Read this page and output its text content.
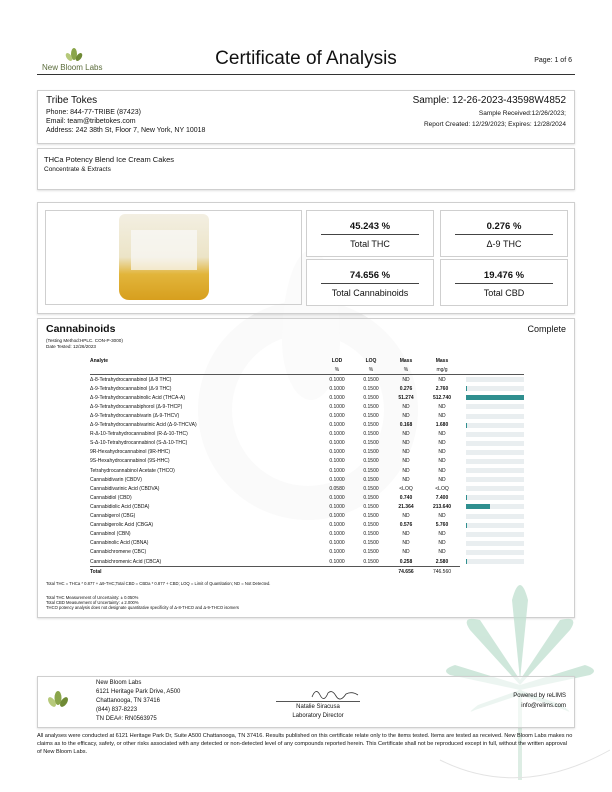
New Bloom Labs	Certificate of Analysis	Page: 1 of 6
Tribe Tokes
Phone: 844-77-TRIBE (87423)
Email: team@tribetokes.com
Address: 242 38th St, Floor 7, New York, NY 10018
Sample: 12-26-2023-43598W4852
Sample Received:12/26/2023;
Report Created: 12/29/2023; Expires: 12/28/2024
THCa Potency Blend Ice Cream Cakes
Concentrate & Extracts
45.243 %
Total THC
0.276 %
Δ-9 THC
74.656 %
Total Cannabinoids
19.476 %
Total CBD
Cannabinoids	Complete
(Testing Method:HPLC. CON-P-3000)
Date Tested: 12/26/2023
Analyte	LOD	LOQ	Mass	Mass	
	%	%	%	mg/g	
Δ-8-Tetrahydrocannabinol (Δ-8 THC)	0.1000	0.1500	ND	ND	

Δ-9-Tetrahydrocannabinol (Δ-9 THC)	0.1000	0.1500	0.276	2.760	

Δ-9-Tetrahydrocannabinolic Acid (THCA-A)	0.1000	0.1500	51.274	512.740	

Δ-9-Tetrahydrocannabiphorol (Δ-9-THCP)	0.1000	0.1500	ND	ND	

Δ-9-Tetrahydrocannabivarin (Δ-9-THCV)	0.1000	0.1500	ND	ND	

Δ-9-Tetrahydrocannabivarinic Acid (Δ-9-THCVA)	0.1000	0.1500	0.168	1.680	

R-Δ-10-Tetrahydrocannabinol (R-Δ-10-THC)	0.1000	0.1500	ND	ND	

S-Δ-10-Tetrahydrocannabinol (S-Δ-10-THC)	0.1000	0.1500	ND	ND	

9R-Hexahydrocannabinol (9R-HHC)	0.1000	0.1500	ND	ND	

9S-Hexahydrocannabinol (9S-HHC)	0.1000	0.1500	ND	ND	

Tetrahydrocannabinol Acetate (THCO)	0.1000	0.1500	ND	ND	

Cannabidivarin (CBDV)	0.1000	0.1500	ND	ND	

Cannabidivarinic Acid (CBDVA)	0.0580	0.1500	<LOQ	<LOQ	

Cannabidiol (CBD)	0.1000	0.1500	0.740	7.400	

Cannabidiolic Acid (CBDA)	0.1000	0.1500	21.364	213.640	

Cannabigerol (CBG)	0.1000	0.1500	ND	ND	

Cannabigerolic Acid (CBGA)	0.1000	0.1500	0.576	5.760	

Cannabinol (CBN)	0.1000	0.1500	ND	ND	

Cannabinolic Acid (CBNA)	0.1000	0.1500	ND	ND	

Cannabichromene (CBC)	0.1000	0.1500	ND	ND	

Cannabichromenic Acid (CBCA)	0.1000	0.1500	0.258	2.580	

Total			74.656	746.560	
Total THC = THCa * 0.877 + Δ9-THC;Total CBD = CBDa * 0.877 + CBD; LOQ = Limit of Quantitation; ND = Not Detected.
Total THC Measurement of Uncertainty: ± 0.050%
Total CBD Measurement of Uncertainty: ± 2.000%
THCO potency analysis does not designate quantitative specificity of Δ-8-THCO and Δ-9-THCO isomers
New Bloom Labs
6121 Heritage Park Drive, A500
Chattanooga, TN 37416
(844) 837-8223
TN DEA#: RN0563975
Natalie Siracusa
Laboratory Director
Powered by reLIMS
info@relims.com
All analyses were conducted at 6121 Heritage Park Dr, Suite A500 Chattanooga, TN 37416. Results published on this certificate relate only to the items tested. Items are tested as received. New Bloom Labs makes no claims as to the efficacy, safety, or other risks associated with any detected or non-detected level of any compounds reported herein. This Certificate shall not be reproduced except in full, without the written approval of New Bloom Labs.
